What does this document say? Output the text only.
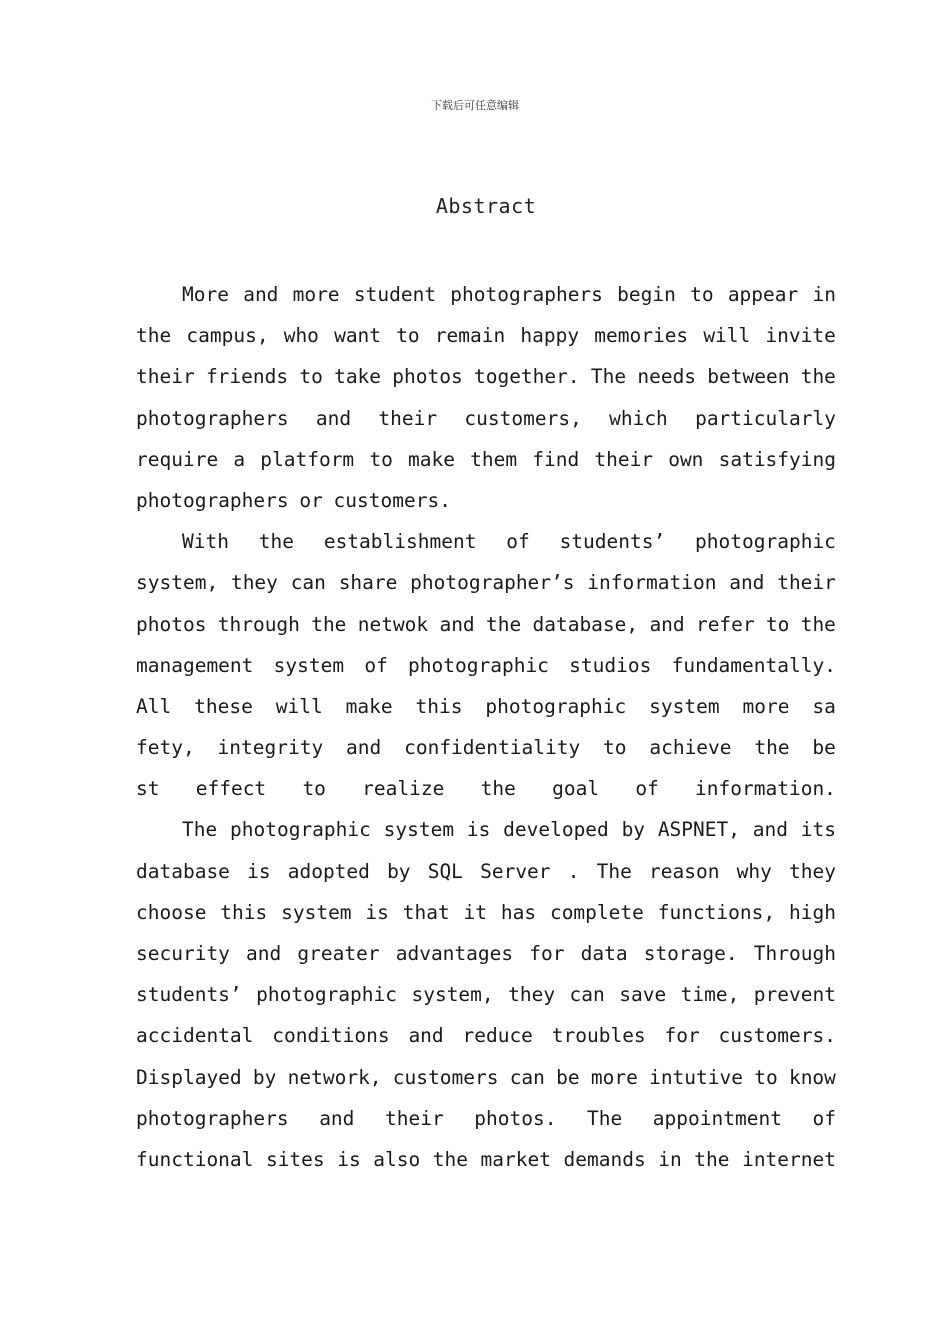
下载后可任意编辑
Abstract
More and more student photographers begin to appear in
the campus, who want to remain happy memories will invite
their friends to take photos together. The needs between the
photographers and their customers, which particularly
require a platform to make them find their own satisfying
photographers or customers.
With the establishment of students’ photographic
system, they can share photographer’s information and their
photos through the netwok and the database, and refer to the
management system of photographic studios fundamentally.
All these will make this photographic system more sa
fety, integrity and confidentiality to achieve the be
st effect to realize the goal of information.
The photographic system is developed by ASPNET, and its
database is adopted by SQL Server . The reason why they
choose this system is that it has complete functions, high
security and greater advantages for data storage. Through
students’ photographic system, they can save time, prevent
accidental conditions and reduce troubles for customers.
Displayed by network, customers can be more intutive to know
photographers and their photos. The appointment of
functional sites is also the market demands in the internet
